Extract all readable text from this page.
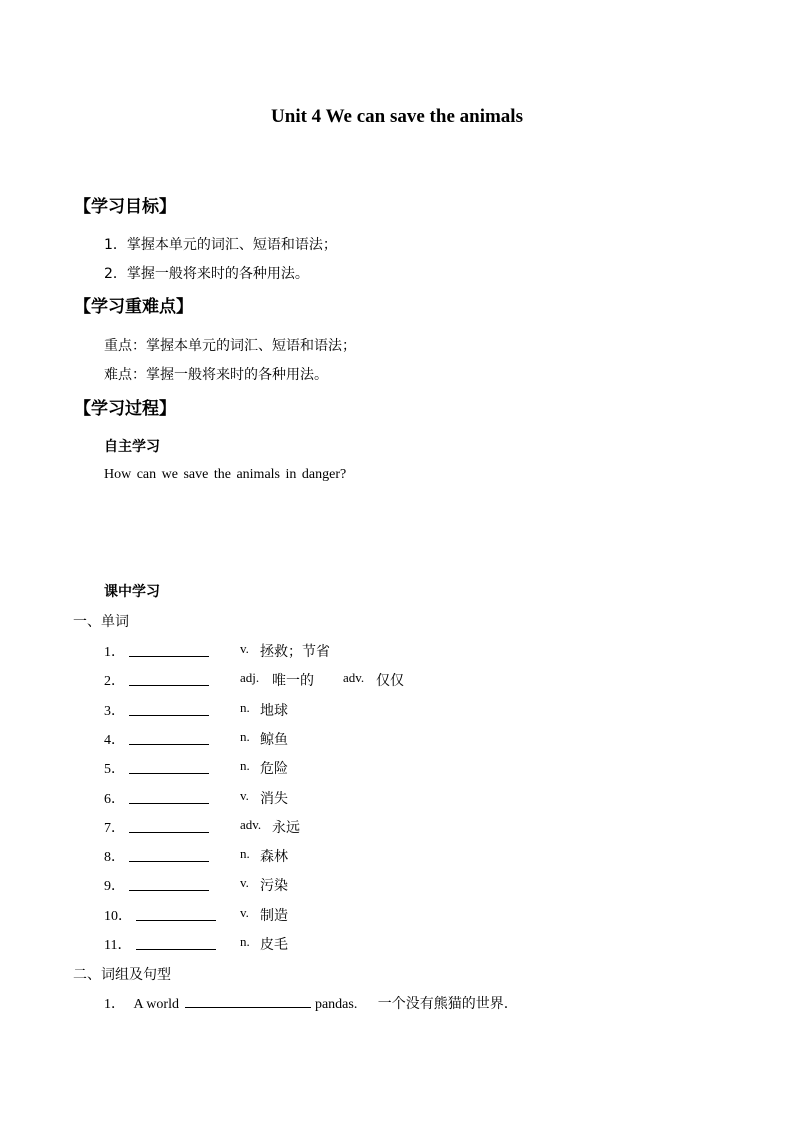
Unit 4 We can save the animals
【学习目标】
1．掌握本单元的词汇、短语和语法；
2．掌握一般将来时的各种用法。
【学习重难点】
重点：掌握本单元的词汇、短语和语法；
难点：掌握一般将来时的各种用法。
【学习过程】
自主学习
How can we save the animals in danger?
课中学习
一、单词
1．	v. 拯救；节省
2．	adj. 唯一的 adv. 仅仅
3．	n. 地球
4．	n. 鲸鱼
5．	n. 危险
6．	v. 消失
7．	adv. 永远
8．	n. 森林
9．	v. 污染
10．	v. 制造
11．	n. 皮毛
二、词组及句型
1． A world	pandas. 一个没有熊猫的世界.
